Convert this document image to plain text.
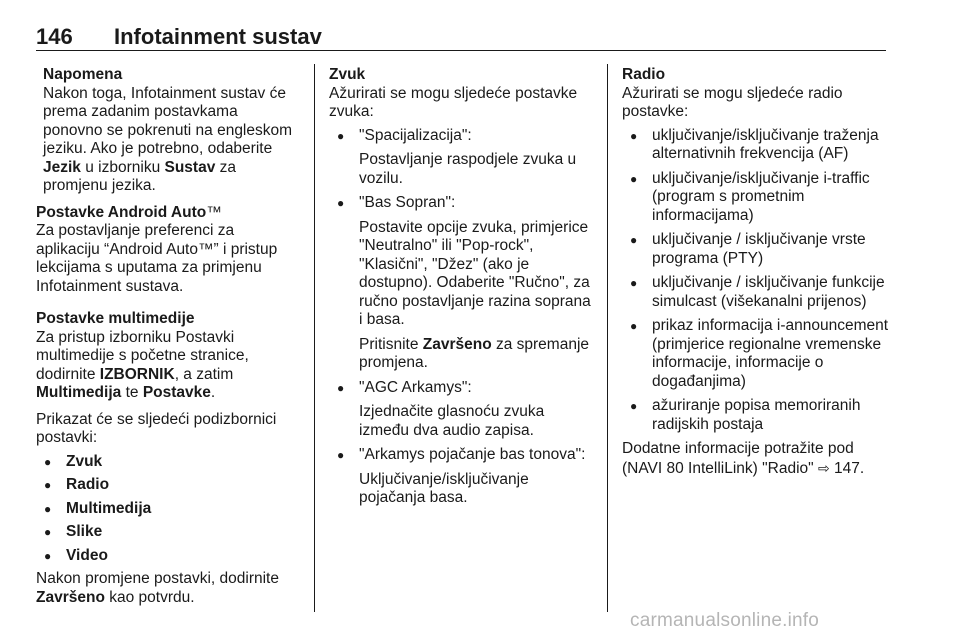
146 Infotainment sustav

Napomena

Nakon toga, Infotainment sustav će prema zadanim postavkama ponovno se pokrenuti na engleskom jeziku. Ako je potrebno, odaberite Jezik u izborniku Sustav za promjenu jezika.

Postavke Android Auto™

Za postavljanje preferenci za aplikaciju “Android Auto™” i pristup lekcijama s uputama za primjenu Infotainment sustava.

Postavke multimedije

Za pristup izborniku Postavki multimedije s početne stranice, dodirnite IZBORNIK, a zatim Multimedija te Postavke.

Prikazat će se sljedeći podizbornici postavki:

● Zvuk
● Radio
● Multimedija
● Slike
● Video

Nakon promjene postavki, dodirnite Završeno kao potvrdu.

Zvuk

Ažurirati se mogu sljedeće postavke zvuka:

● "Spacijalizacija":

Postavljanje raspodjele zvuka u vozilu.

● "Bas Sopran":

Postavite opcije zvuka, primjerice "Neutralno" ili "Pop-rock", "Klasični", "Džez" (ako je dostupno). Odaberite "Ručno", za ručno postavljanje razina soprana i basa.

Pritisnite Završeno za spremanje promjena.

● "AGC Arkamys":

Izjednačite glasnoću zvuka između dva audio zapisa.

● "Arkamys pojačanje bas tonova":

Uključivanje/isključivanje pojačanja basa.

Radio

Ažurirati se mogu sljedeće radio postavke:

● uključivanje/isključivanje traženja alternativnih frekvencija (AF)
● uključivanje/isključivanje i-traffic (program s prometnim informacijama)
● uključivanje / isključivanje vrste programa (PTY)
● uključivanje / isključivanje funkcije simulcast (višekanalni prijenos)
● prikaz informacija i-announcement (primjerice regionalne vremenske informacije, informacije o događanjima)
● ažuriranje popisa memoriranih radijskih postaja

Dodatne informacije potražite pod (NAVI 80 IntelliLink) "Radio" ⇨ 147.

carmanualsonline.info
